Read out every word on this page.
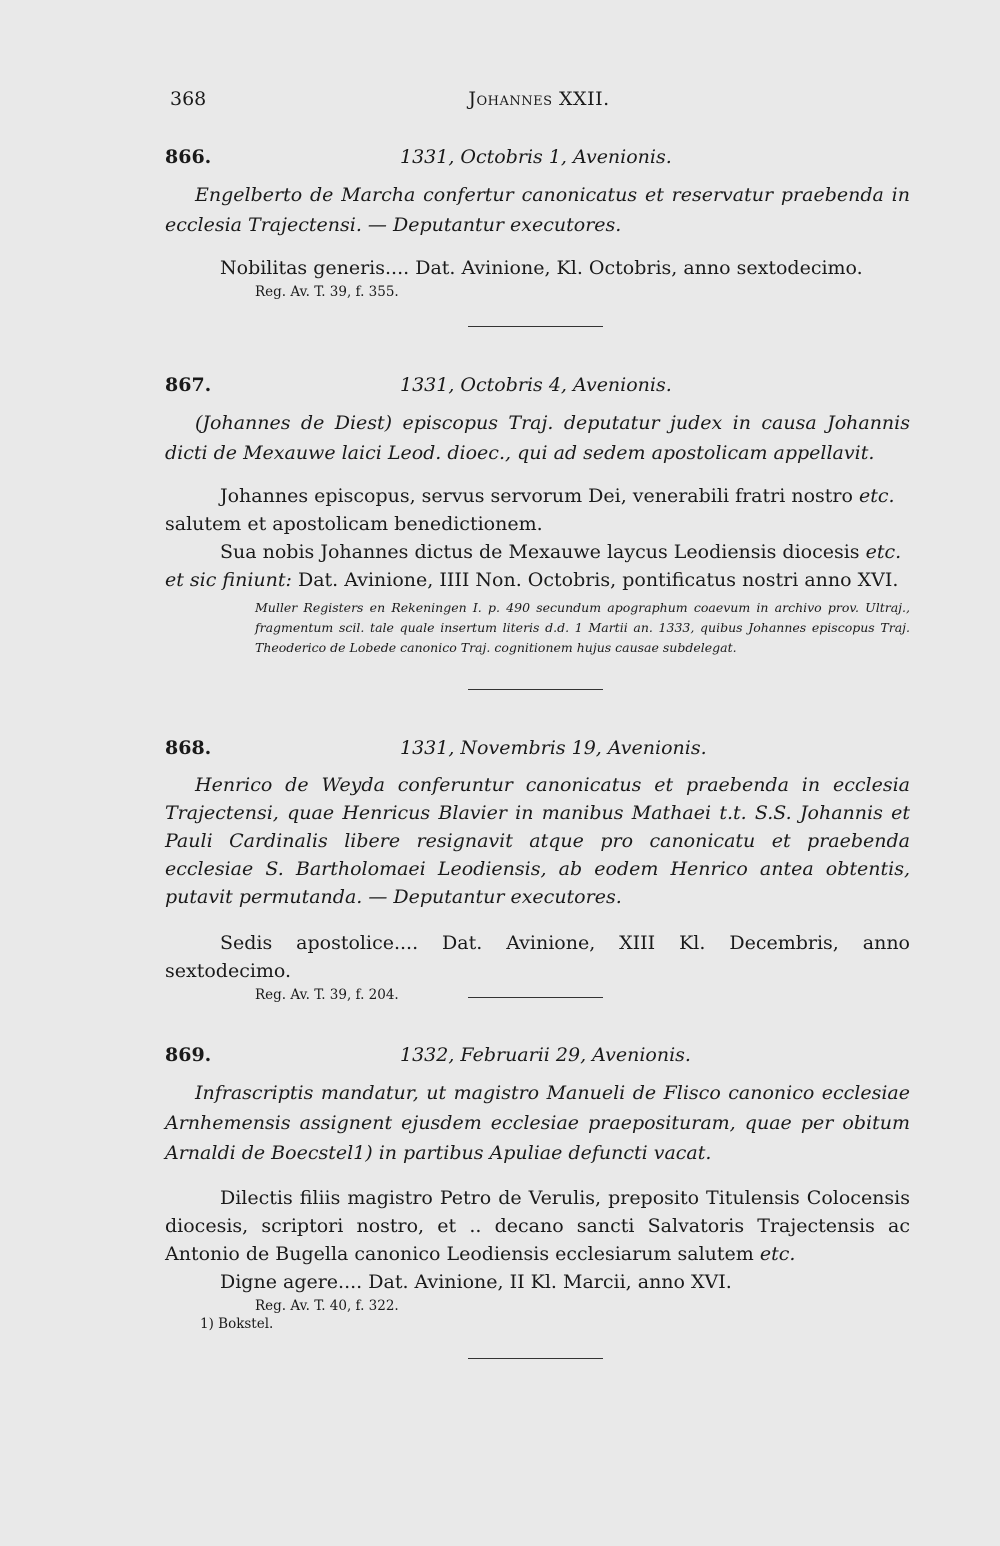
368	Johannes XXII.
866.	1331, Octobris 1, Avenionis.

Engelberto de Marcha confertur canonicatus et reservatur praebenda in ecclesia Trajectensi. — Deputantur executores.

Nobilitas generis.... Dat. Avinione, Kl. Octobris, anno sextodecimo.

Reg. Av. T. 39, f. 355.

867.	1331, Octobris 4, Avenionis.

(Johannes de Diest) episcopus Traj. deputatur judex in causa Johannis dicti de Mexauwe laici Leod. dioec., qui ad sedem apostolicam appellavit.

Johannes episcopus, servus servorum Dei, venerabili fratri nostro etc.

salutem et apostolicam benedictionem.

Sua nobis Johannes dictus de Mexauwe laycus Leodiensis diocesis etc.

et sic finiunt: Dat. Avinione, IIII Non. Octobris, pontificatus nostri anno XVI.

Muller Registers en Rekeningen I. p. 490 secundum apographum coaevum in archivo prov. Ultraj., fragmentum scil. tale quale insertum literis d.d. 1 Martii an. 1333, quibus Johannes episcopus Traj. Theoderico de Lobede canonico Traj. cognitionem hujus causae subdelegat.

868.	1331, Novembris 19, Avenionis.

Henrico de Weyda conferuntur canonicatus et praebenda in ecclesia Trajectensi, quae Henricus Blavier in manibus Mathaei t.t. S.S. Johannis et Pauli Cardinalis libere resignavit atque pro canonicatu et praebenda ecclesiae S. Bartholomaei Leodiensis, ab eodem Henrico antea obtentis, putavit permutanda. — Deputantur executores.

Sedis apostolice.... Dat. Avinione, XIII Kl. Decembris, anno sextodecimo.

Reg. Av. T. 39, f. 204.

869.	1332, Februarii 29, Avenionis.

Infrascriptis mandatur, ut magistro Manueli de Flisco canonico ecclesiae Arnhemensis assignent ejusdem ecclesiae praeposituram, quae per obitum Arnaldi de Boecstel1) in partibus Apuliae defuncti vacat.

Dilectis filiis magistro Petro de Verulis, preposito Titulensis Colocensis diocesis, scriptori nostro, et .. decano sancti Salvatoris Trajectensis ac Antonio de Bugella canonico Leodiensis ecclesiarum salutem etc.

Digne agere.... Dat. Avinione, II Kl. Marcii, anno XVI.

Reg. Av. T. 40, f. 322.

1) Bokstel.
